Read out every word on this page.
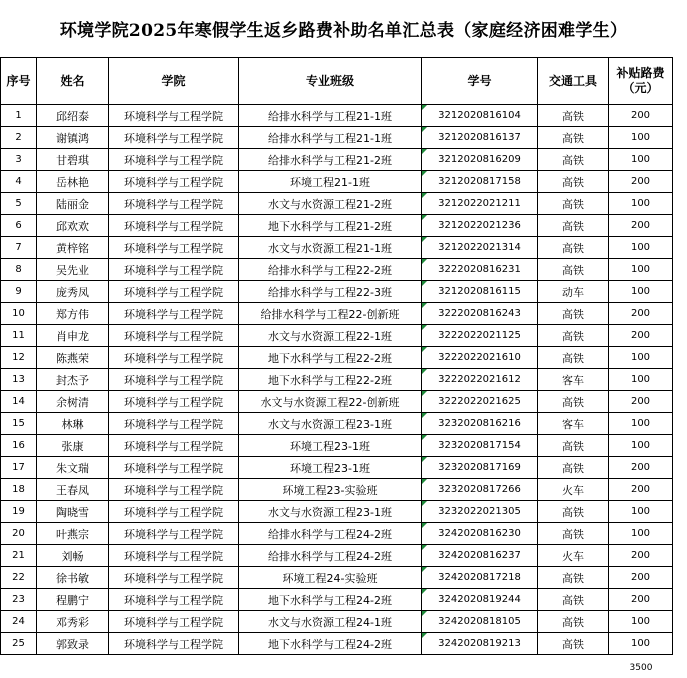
环境学院2025年寒假学生返乡路费补助名单汇总表（家庭经济困难学生）
序号	姓名	学院	专业班级	学号	交通工具	补贴路费
（元）

1	邱绍泰	环境科学与工程学院	给排水科学与工程21-1班	3212020816104	高铁	200
2	谢镇鸿	环境科学与工程学院	给排水科学与工程21-1班	3212020816137	高铁	100
3	甘碧琪	环境科学与工程学院	给排水科学与工程21-2班	3212020816209	高铁	100
4	岳林艳	环境科学与工程学院	环境工程21-1班	3212020817158	高铁	200
5	陆丽金	环境科学与工程学院	水文与水资源工程21-2班	3212022021211	高铁	100
6	邱欢欢	环境科学与工程学院	地下水科学与工程21-2班	3212022021236	高铁	200
7	黄梓铭	环境科学与工程学院	水文与水资源工程21-1班	3212022021314	高铁	100
8	吴先业	环境科学与工程学院	给排水科学与工程22-2班	3222020816231	高铁	100
9	庞秀凤	环境科学与工程学院	给排水科学与工程22-3班	3212020816115	动车	100
10	郑方伟	环境科学与工程学院	给排水科学与工程22-创新班	3222020816243	高铁	200
11	肖申龙	环境科学与工程学院	水文与水资源工程22-1班	3222022021125	高铁	200
12	陈燕荣	环境科学与工程学院	地下水科学与工程22-2班	3222022021610	高铁	100
13	封杰予	环境科学与工程学院	地下水科学与工程22-2班	3222022021612	客车	100
14	余树清	环境科学与工程学院	水文与水资源工程22-创新班	3222022021625	高铁	200
15	林琳	环境科学与工程学院	水文与水资源工程23-1班	3232020816216	客车	100
16	张康	环境科学与工程学院	环境工程23-1班	3232020817154	高铁	100
17	朱文瑞	环境科学与工程学院	环境工程23-1班	3232020817169	高铁	200
18	王春凤	环境科学与工程学院	环境工程23-实验班	3232020817266	火车	200
19	陶晓雪	环境科学与工程学院	水文与水资源工程23-1班	3232022021305	高铁	100
20	叶燕宗	环境科学与工程学院	给排水科学与工程24-2班	3242020816230	高铁	100
21	刘畅	环境科学与工程学院	给排水科学与工程24-2班	3242020816237	火车	200
22	徐书敏	环境科学与工程学院	环境工程24-实验班	3242020817218	高铁	200
23	程鹏宁	环境科学与工程学院	地下水科学与工程24-2班	3242020819244	高铁	200
24	邓秀彩	环境科学与工程学院	水文与水资源工程24-1班	3242020818105	高铁	100
25	郭致录	环境科学与工程学院	地下水科学与工程24-2班	3242020819213	高铁	100
3500
